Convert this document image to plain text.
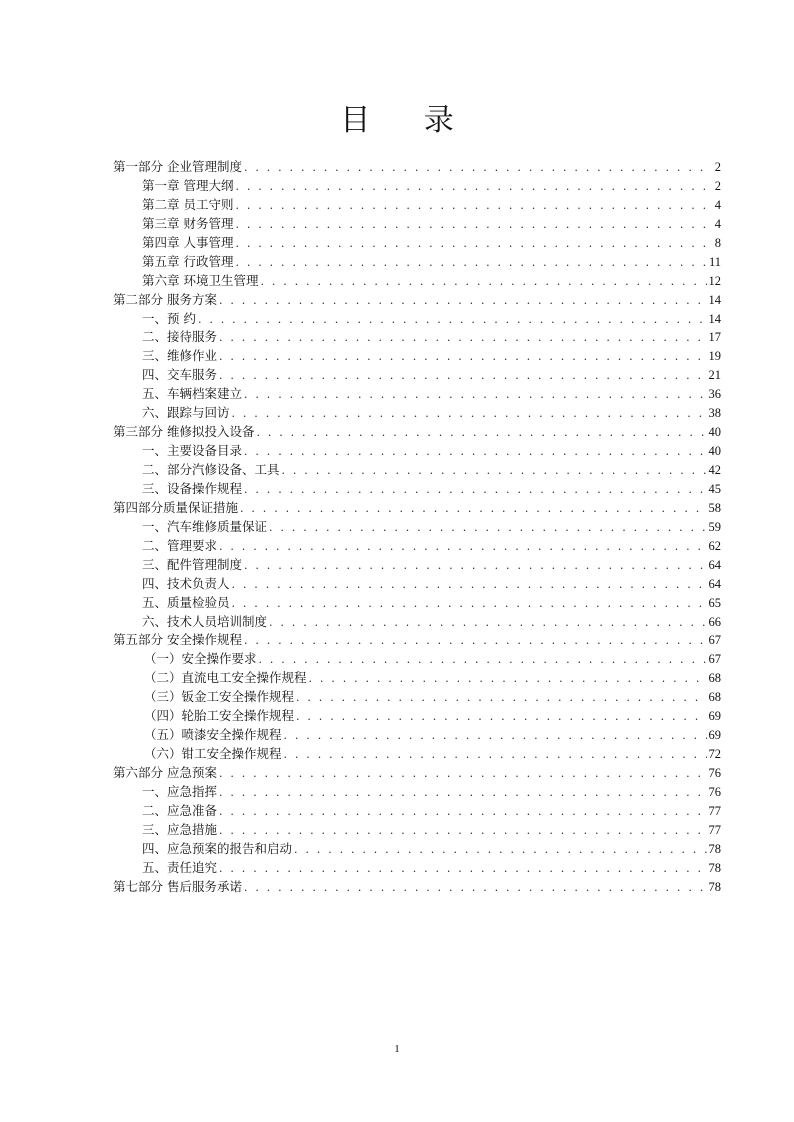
目 录
第一部分 企业管理制度 . . .	2
第一章 管理大纲 . . .	2
第二章 员工守则 . . .	4
第三章 财务管理 . . .	4
第四章 人事管理 . . .	8
第五章 行政管理 . . .	11
第六章 环境卫生管理 . . .	12
第二部分 服务方案 . . .	14
一、预 约 . . .	14
二、接待服务 . . .	17
三、维修作业 . . .	19
四、交车服务 . . .	21
五、车辆档案建立 . . .	36
六、跟踪与回访 . . .	38
第三部分 维修拟投入设备 . . .	40
一、主要设备目录 . . .	40
二、部分汽修设备、工具 . . .	42
三、设备操作规程 . . .	45
第四部分质量保证措施 . . .	58
一、汽车维修质量保证 . . .	59
二、管理要求 . . .	62
三、配件管理制度 . . .	64
四、技术负责人 . . .	64
五、质量检验员 . . .	65
六、技术人员培训制度 . . .	66
第五部分 安全操作规程 . . .	67
（一）安全操作要求 . . .	67
（二）直流电工安全操作规程 . . .	68
（三）钣金工安全操作规程 . . .	68
（四）轮胎工安全操作规程 . . .	69
（五）喷漆安全操作规程 . . .	69
（六）钳工安全操作规程 . . .	72
第六部分 应急预案 . . .	76
一、应急指挥 . . .	76
二、应急准备 . . .	77
三、应急措施 . . .	77
四、应急预案的报告和启动 . . .	78
五、责任追究 . . .	78
第七部分 售后服务承诺 . . .	78
1
